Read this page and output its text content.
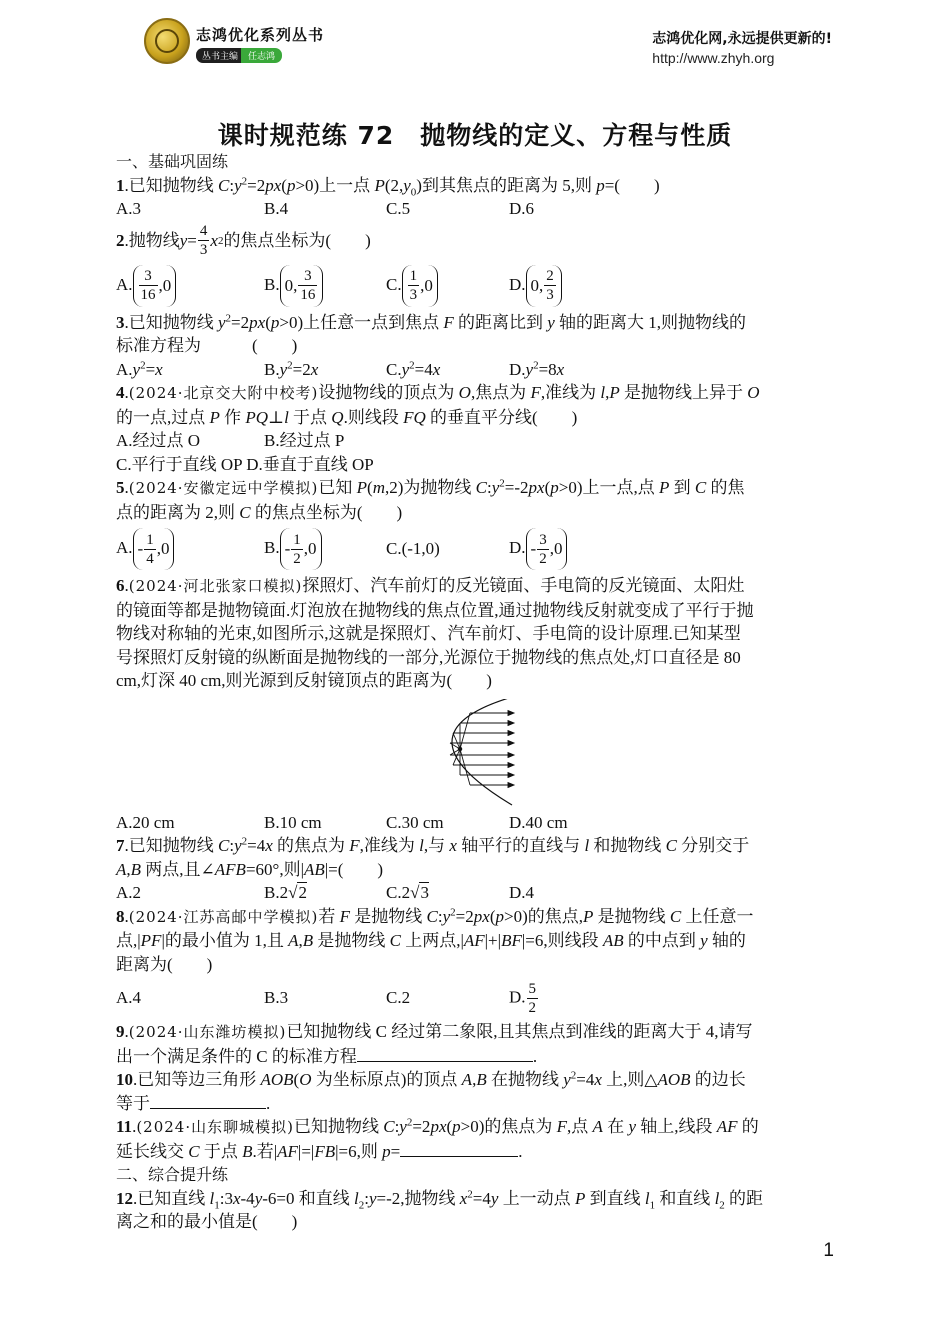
志鸿优化系列丛书
丛书主编	任志鸿
志鸿优化网,永远提供更新的!
http://www.zhyh.org
课时规范练 72　抛物线的定义、方程与性质
一、基础巩固练
1.已知抛物线 $C:y^2=2px(p>0)$上一点 $P(2,y_0)$到其焦点的距离为 5,则 p=(　　)
A.3	B.4	C.5	D.6
2 .抛物线 $y = \frac{4}{3}$ x 2 的焦点坐标为(　　)
A. $\frac{3}{16} ,0$	B. 0, $\frac{3}{16}$	C. $\frac{1}{3} ,0$	D. 0, $\frac{2}{3}$
3.已知抛物线 $y^2=2px(p>0)$上任意一点到焦点 F 的距离比到 y 轴的距离大 1,则抛物线的
标准方程为　　　(　　)
$A.y^2=x$	$B.y^2=2x$	$C.y^2=4x$	$D.y^2=8x$
4.(2024·北京交大附中校考)设抛物线的顶点为 O,焦点为 F,准线为 l,P 是抛物线上异于 O
的一点,过点 P 作 PQ⊥l 于点 Q.则线段 FQ 的垂直平分线(　　)
A.经过点 O	B.经过点 P
C.平行于直线 OP D.垂直于直线 OP
5.(2024·安徽定远中学模拟)已知 P(m,2)为抛物线 $C:y^2=-2px(p>0)$上一点,点 P 到 C 的焦
点的距离为 2,则 C 的焦点坐标为(　　)
A. - $\frac{1}{4} ,0$	B. - $\frac{1}{2} ,0$	C.(-1,0)	D. - $\frac{3}{2} ,0$
6.(2024·河北张家口模拟)探照灯、汽车前灯的反光镜面、手电筒的反光镜面、太阳灶
的镜面等都是抛物镜面.灯泡放在抛物线的焦点位置,通过抛物线反射就变成了平行于抛
物线对称轴的光束,如图所示,这就是探照灯、汽车前灯、手电筒的设计原理.已知某型
号探照灯反射镜的纵断面是抛物线的一部分,光源位于抛物线的焦点处,灯口直径是 80
cm,灯深 40 cm,则光源到反射镜顶点的距离为(　　)
A.20 cm	B.10 cm	C.30 cm	D.40 cm
7.已知抛物线 $C:y^2=4x$ 的焦点为 F,准线为 l,与 x 轴平行的直线与 l 和抛物线 C 分别交于
A,B 两点,且∠AFB=60°,则|AB|=(　　)
A.2	B.2√2	C.2√3	D.4
8.(2024·江苏高邮中学模拟)若 F 是抛物线 $C:y^2=2px(p>0)$的焦点,P 是抛物线 C 上任意一
点,|PF|的最小值为 1,且 A,B 是抛物线 C 上两点,|AF|+|BF|=6,则线段 AB 的中点到 y 轴的
距离为(　　)
A.4	B.3	C.2	D. $\frac{5}{2}$
9.(2024·山东潍坊模拟)已知抛物线 C 经过第二象限,且其焦点到准线的距离大于 4,请写
出一个满足条件的 C 的标准方程	.
10.已知等边三角形 AOB(O 为坐标原点)的顶点 A,B 在抛物线 $y^2=4x$ 上,则△AOB 的边长
等于	.
11.(2024·山东聊城模拟)已知抛物线 $C:y^2=2px(p>0)$的焦点为 F,点 A 在 y 轴上,线段 AF 的
延长线交 C 于点 B.若|AF|=|FB|=6,则 p=	.
二、综合提升练
12.已知直线 $l_1:3x-4y-6=0$ 和直线 $l_2:y=-2$,抛物线 $x^2=4y$ 上一动点 P 到直线 $l_1$ 和直线 $l_2$ 的距
离之和的最小值是(　　)
1
